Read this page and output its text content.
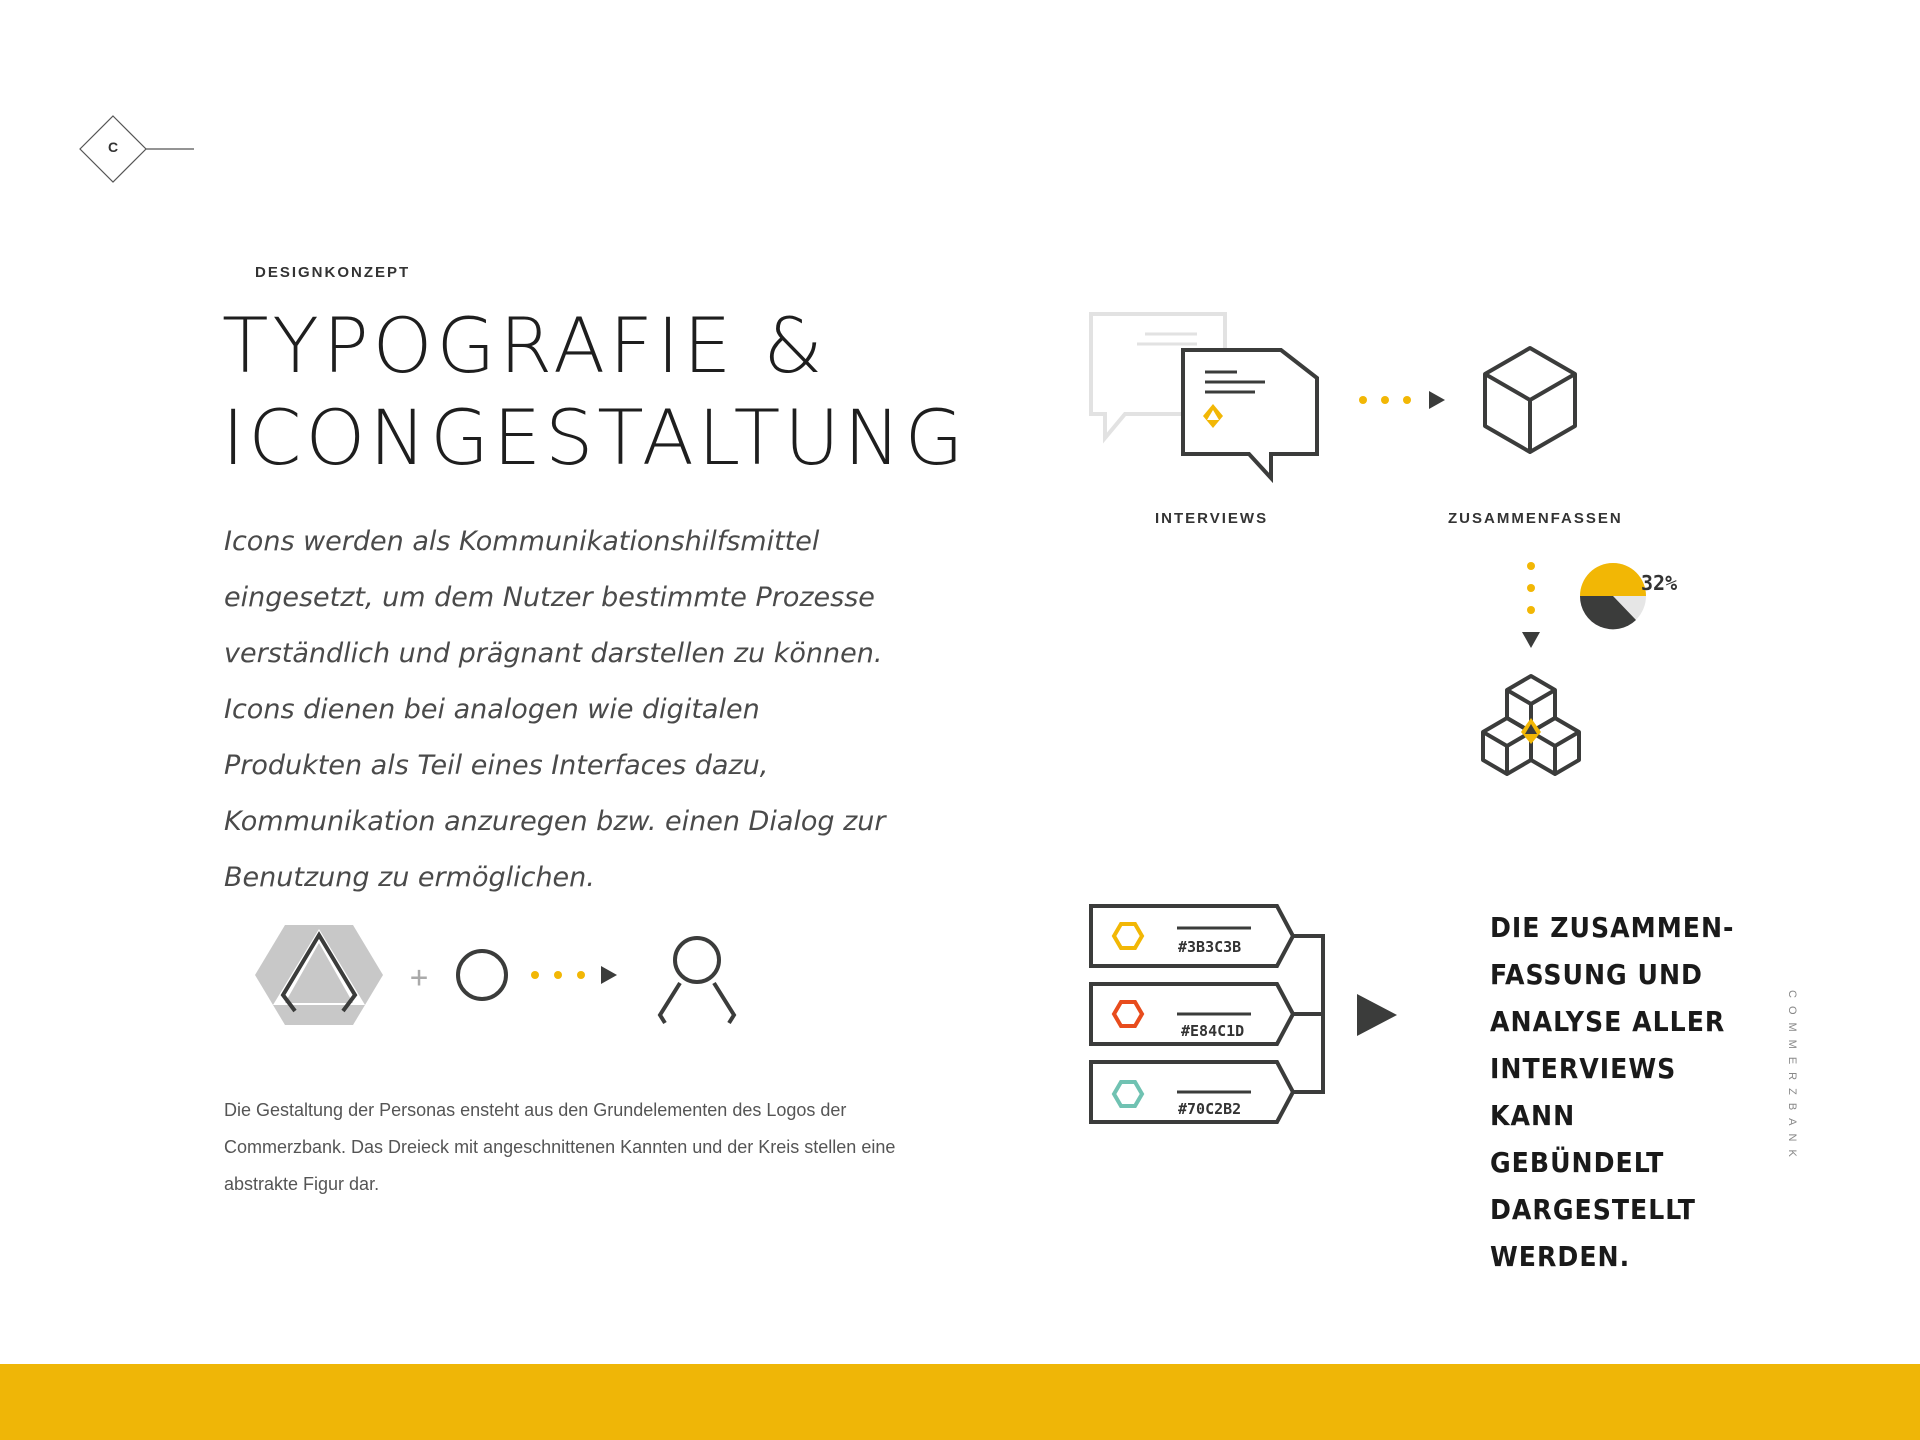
C
DESIGNKONZEPT
TYPOGRAFIE &
ICONGESTALTUNG

Icons werden als Kommunikationshilfsmittel eingesetzt, um dem Nutzer bestimmte Prozesse verständlich und prägnant darstellen zu können. Icons dienen bei analogen wie digitalen Produkten als Teil eines Interfaces dazu, Kommunikation anzuregen bzw. einen Dialog zur Benutzung zu ermöglichen.

+

Die Gestaltung der Personas ensteht aus den Grundelementen des Logos der Commerzbank. Das Dreieck mit angeschnittenen Kannten und der Kreis stellen eine abstrakte Figur dar.

32%
INTERVIEWS	ZUSAMMENFASSEN
#3B3C3B
#E84C1D
#70C2B2

DIE ZUSAMMEN-FASSUNG UND ANALYSE ALLER INTERVIEWS KANN GEBÜNDELT DARGESTELLT WERDEN.

COMMERZBANK
